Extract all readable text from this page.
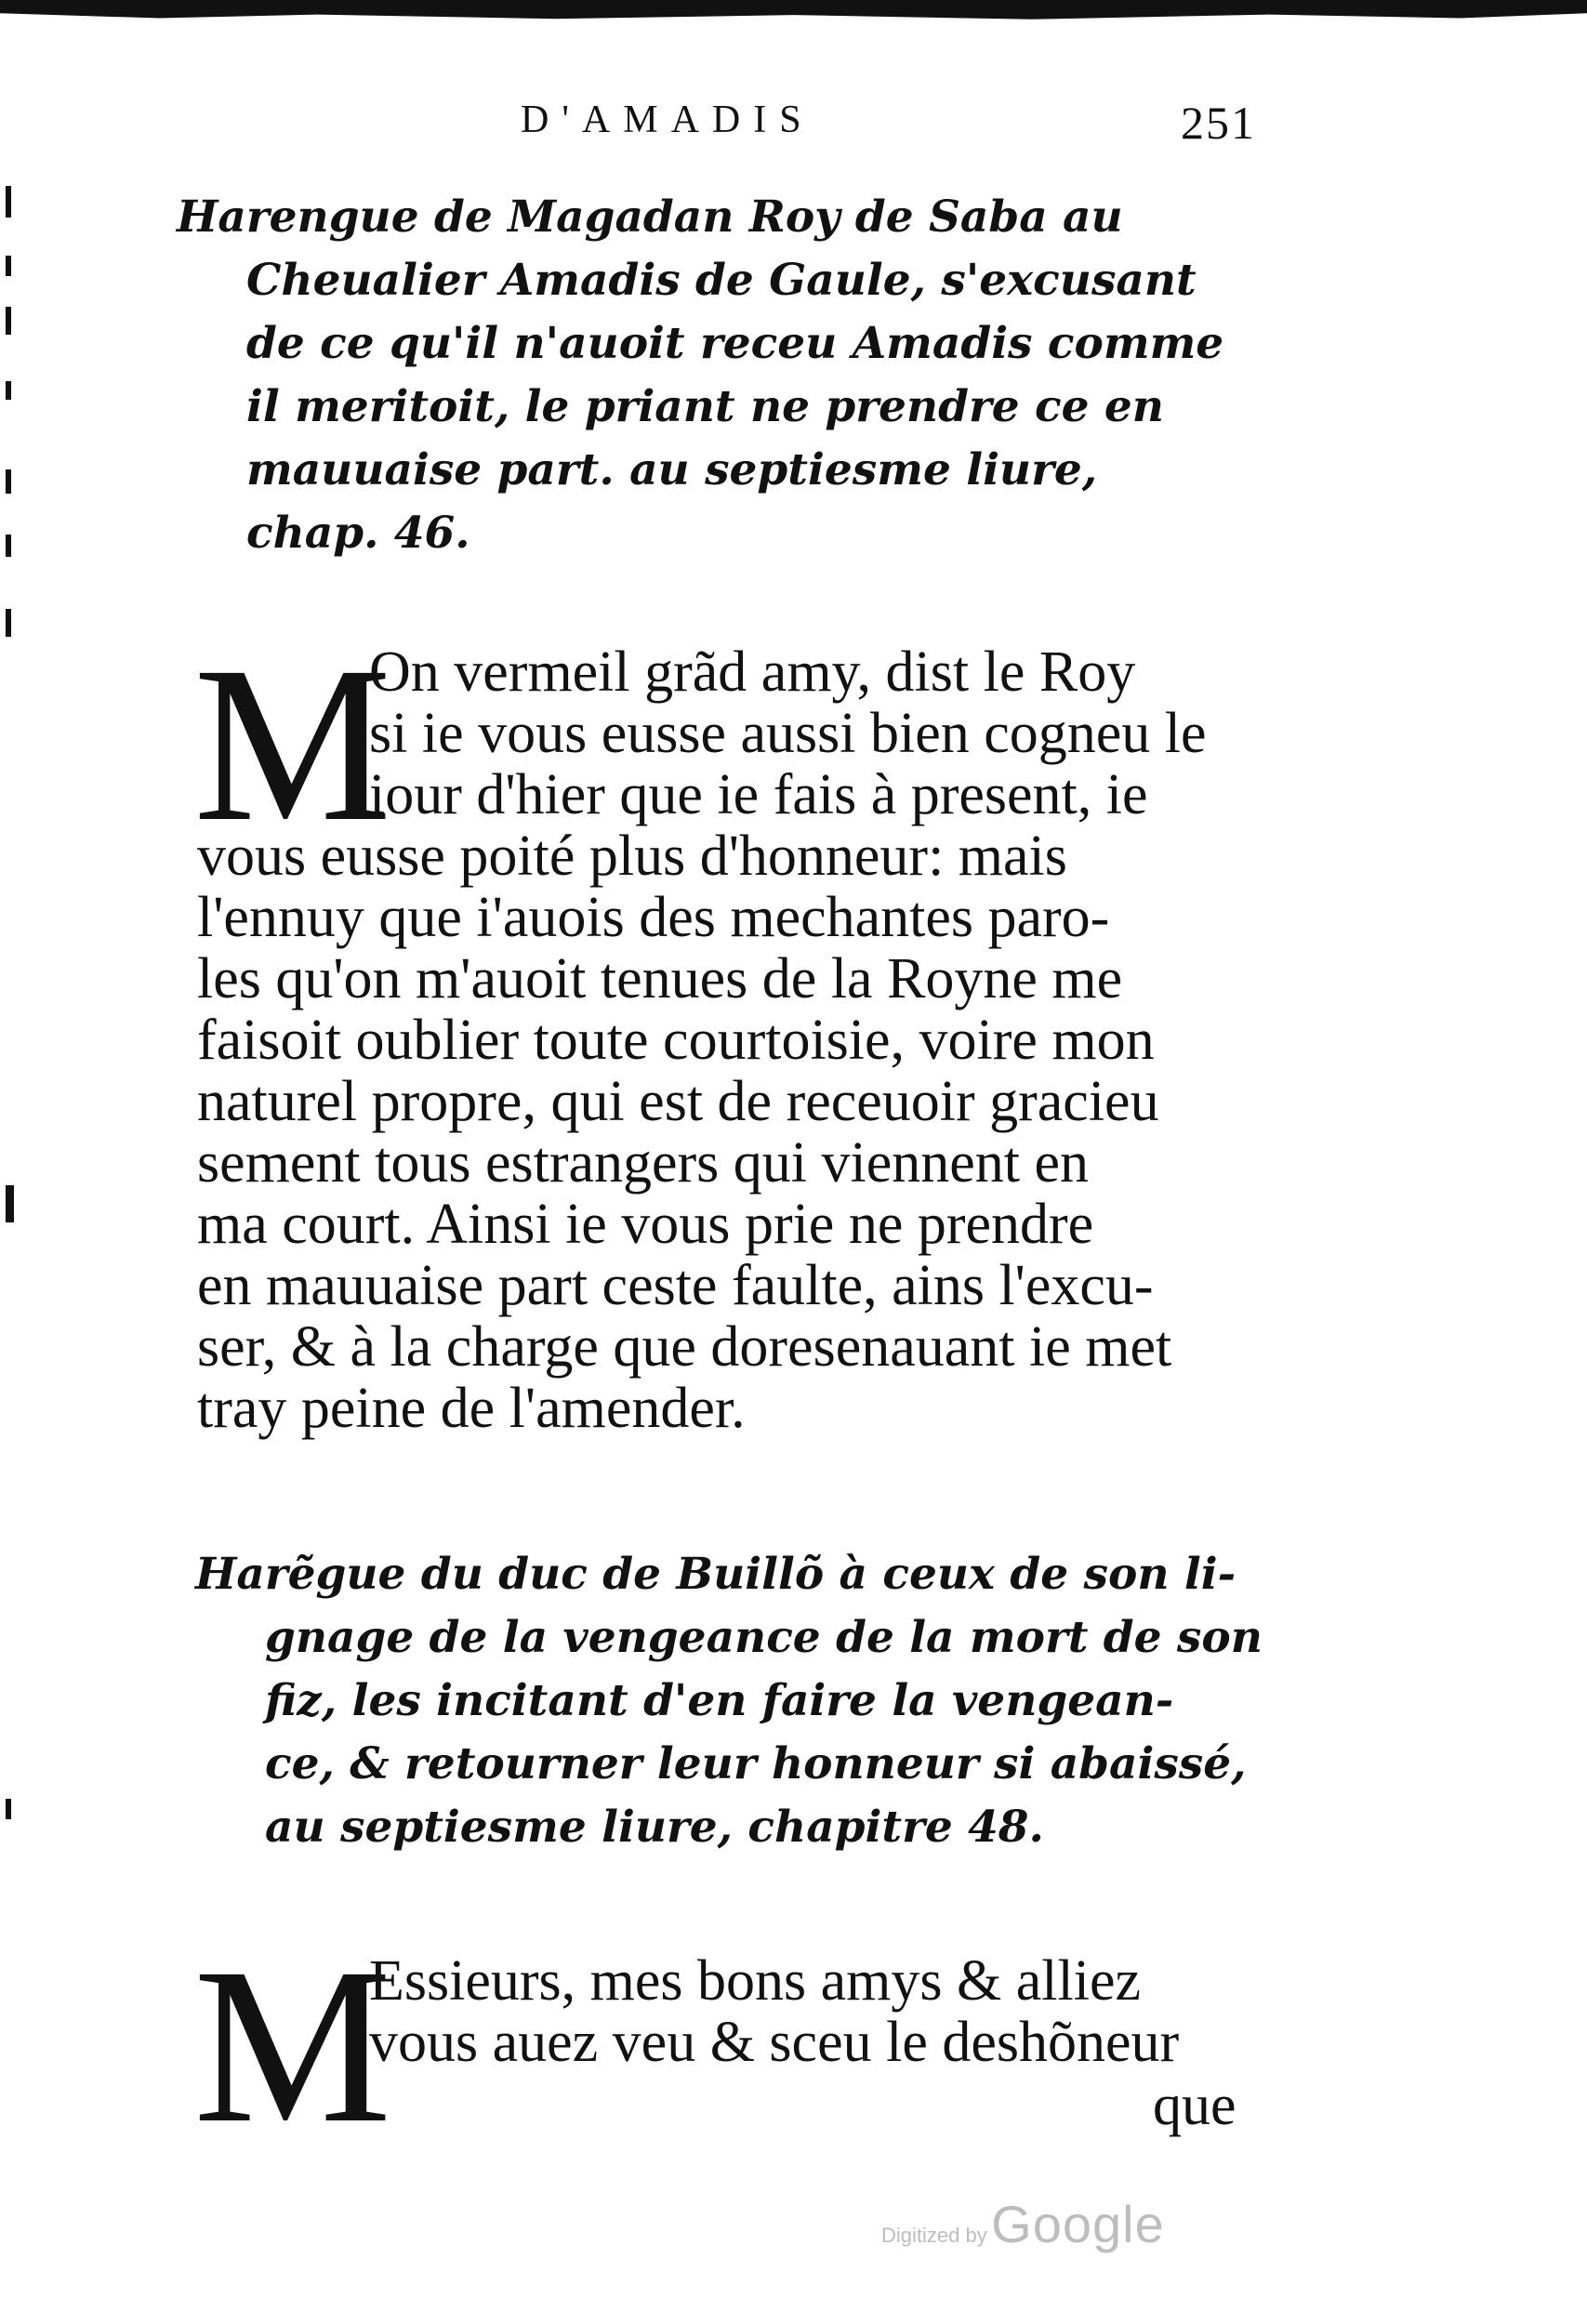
D'AMADIS	251
Harengue de Magadan Roy de Saba au
Cheualier Amadis de Gaule, s'excusant
de ce qu'il n'auoit receu Amadis comme
il meritoit, le priant ne prendre ce en
mauuaise part. au septiesme liure,
chap. 46.
M
On vermeil grãd amy, dist le Roy
si ie vous eusse aussi bien cogneu le
iour d'hier que ie fais à present, ie
vous eusse poité plus d'honneur: mais
l'ennuy que i'auois des mechantes paro-
les qu'on m'auoit tenues de la Royne me
faisoit oublier toute courtoisie, voire mon
naturel propre, qui est de receuoir gracieu
sement tous estrangers qui viennent en
ma court. Ainsi ie vous prie ne prendre
en mauuaise part ceste faulte, ains l'excu-
ser, & à la charge que doresenauant ie met
tray peine de l'amender.
Harẽgue du duc de Buillõ à ceux de son li-
gnage de la vengeance de la mort de son
fiz, les incitant d'en faire la vengean-
ce, & retourner leur honneur si abaissé,
au septiesme liure, chapitre 48.
M
Essieurs, mes bons amys & alliez
vous auez veu & sceu le deshõneur
que
Digitized by Google
